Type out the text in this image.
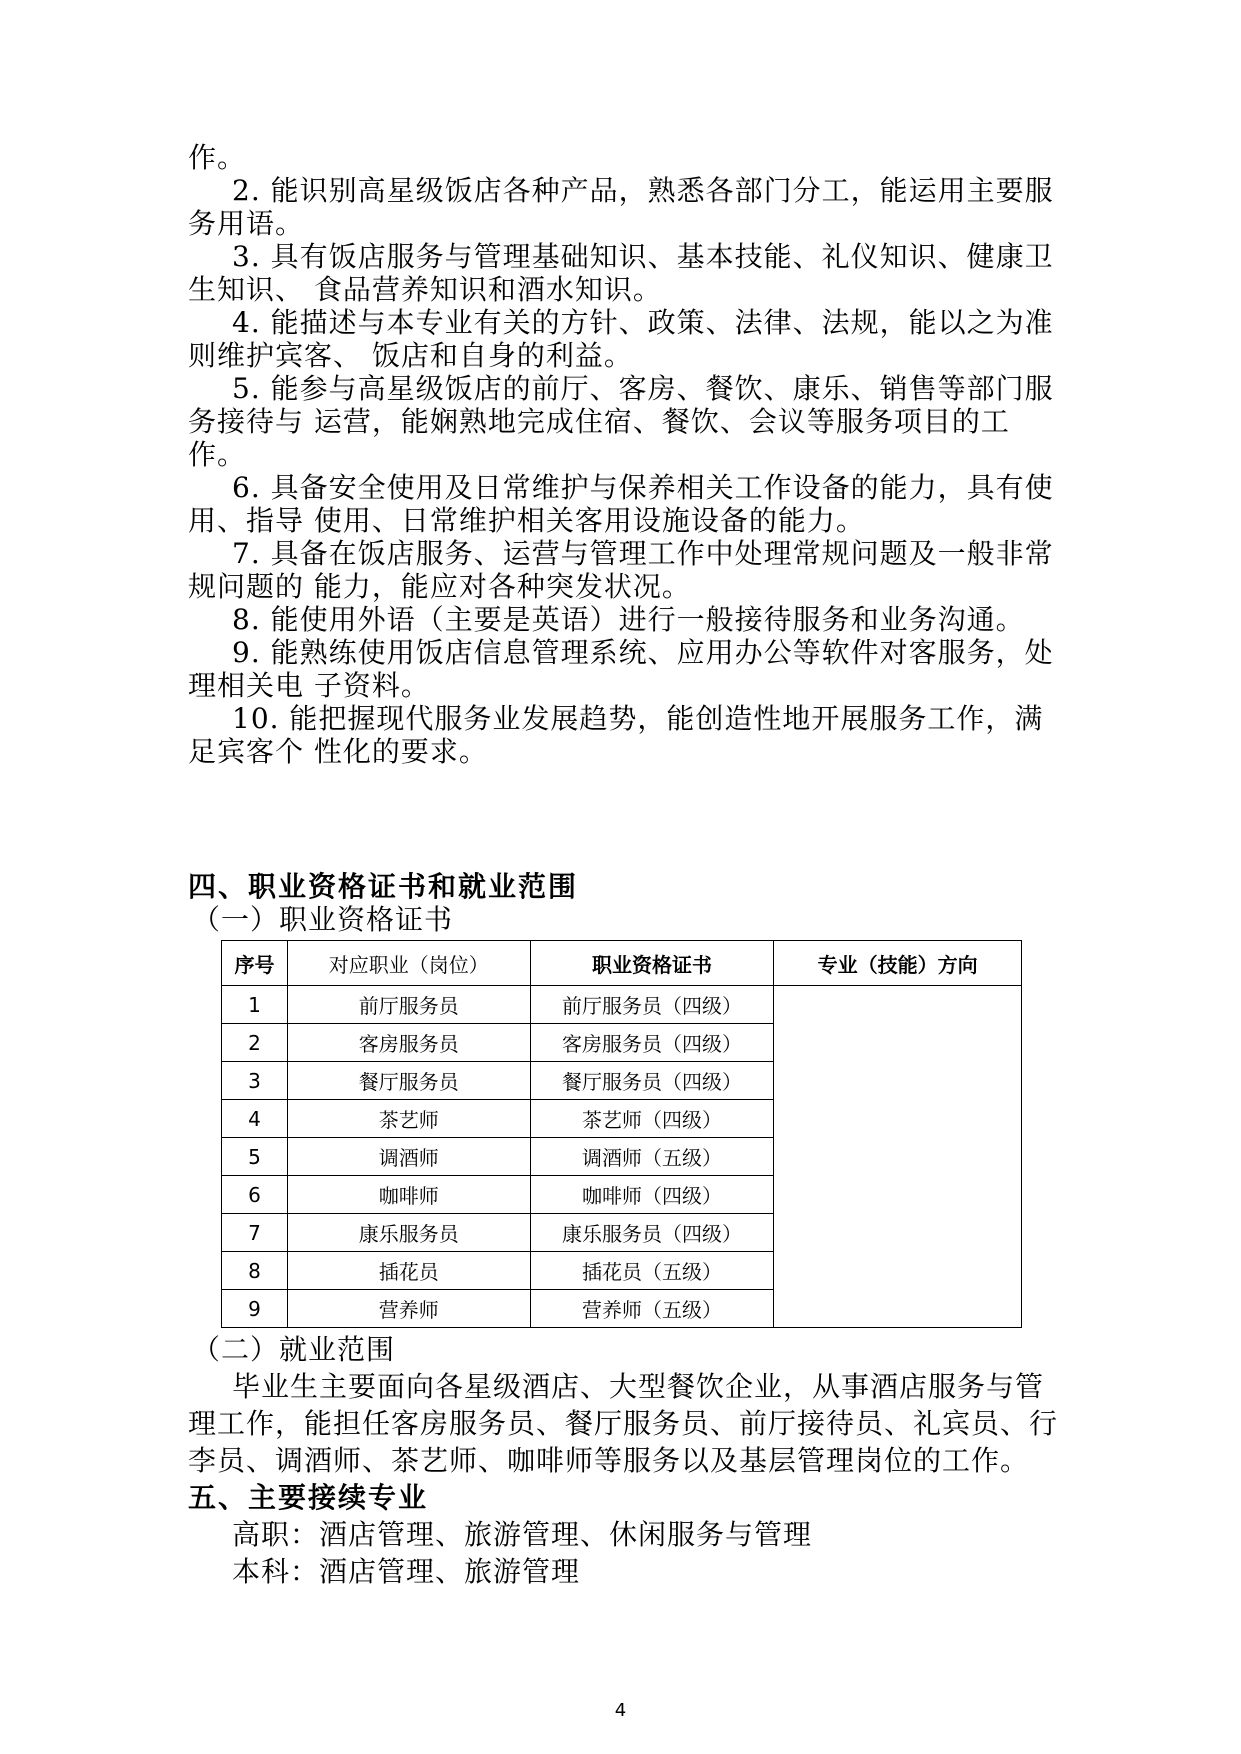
作。
2. 能识别高星级饭店各种产品，熟悉各部门分工，能运用主要服
务用语。
3. 具有饭店服务与管理基础知识、基本技能、礼仪知识、健康卫
生知识、 食品营养知识和酒水知识。
4. 能描述与本专业有关的方针、政策、法律、法规，能以之为准
则维护宾客、 饭店和自身的利益。
5. 能参与高星级饭店的前厅、客房、餐饮、康乐、销售等部门服
务接待与 运营，能娴熟地完成住宿、餐饮、会议等服务项目的工
作。
6. 具备安全使用及日常维护与保养相关工作设备的能力，具有使
用、指导 使用、日常维护相关客用设施设备的能力。
7. 具备在饭店服务、运营与管理工作中处理常规问题及一般非常
规问题的 能力，能应对各种突发状况。
8. 能使用外语（主要是英语）进行一般接待服务和业务沟通。
9. 能熟练使用饭店信息管理系统、应用办公等软件对客服务，处
理相关电 子资料。
10. 能把握现代服务业发展趋势，能创造性地开展服务工作，满
足宾客个 性化的要求。
四、职业资格证书和就业范围
（一）职业资格证书
序号	对应职业（岗位）	职业资格证书	专业（技能）方向
1	前厅服务员	前厅服务员（四级）	
2	客房服务员	客房服务员（四级）	
3	餐厅服务员	餐厅服务员（四级）	
4	茶艺师	茶艺师（四级）	
5	调酒师	调酒师（五级）	
6	咖啡师	咖啡师（四级）	
7	康乐服务员	康乐服务员（四级）	
8	插花员	插花员（五级）	
9	营养师	营养师（五级）	
（二）就业范围
毕业生主要面向各星级酒店、大型餐饮企业，从事酒店服务与管
理工作，能担任客房服务员、餐厅服务员、前厅接待员、礼宾员、行
李员、调酒师、茶艺师、咖啡师等服务以及基层管理岗位的工作。
五、主要接续专业
高职：酒店管理、旅游管理、休闲服务与管理
本科：酒店管理、旅游管理
4
